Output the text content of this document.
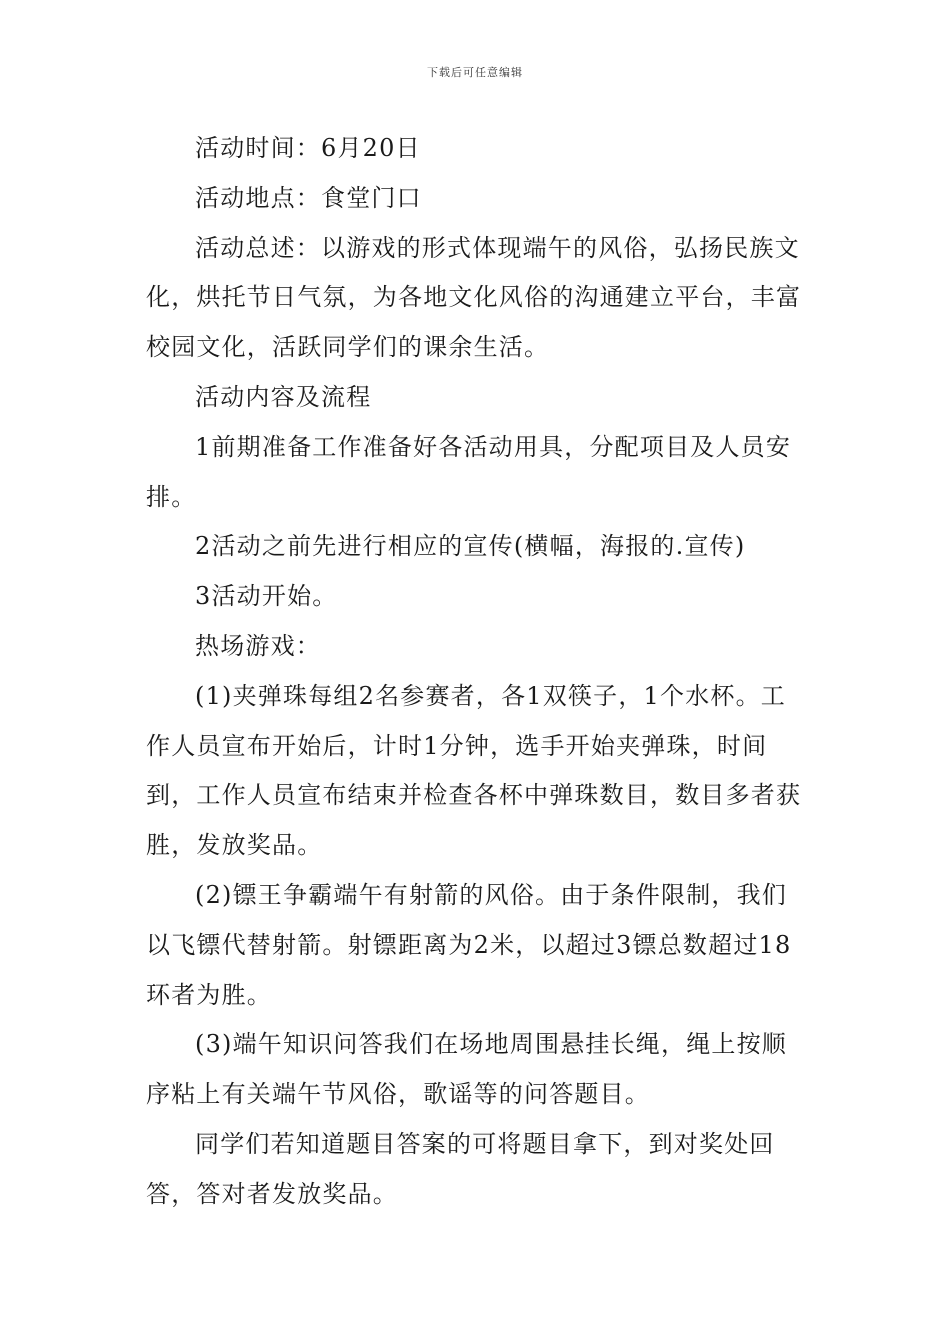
下载后可任意编辑

活动时间：6月20日

活动地点：食堂门口

活动总述：以游戏的形式体现端午的风俗，弘扬民族文化，烘托节日气氛，为各地文化风俗的沟通建立平台，丰富校园文化，活跃同学们的课余生活。

活动内容及流程

1前期准备工作准备好各活动用具，分配项目及人员安排。

2活动之前先进行相应的宣传(横幅，海报的.宣传)

3活动开始。

热场游戏：

(1)夹弹珠每组2名参赛者，各1双筷子，1个水杯。工作人员宣布开始后，计时1分钟，选手开始夹弹珠，时间到，工作人员宣布结束并检查各杯中弹珠数目，数目多者获胜，发放奖品。

(2)镖王争霸端午有射箭的风俗。由于条件限制，我们以飞镖代替射箭。射镖距离为2米，以超过3镖总数超过18环者为胜。

(3)端午知识问答我们在场地周围悬挂长绳，绳上按顺序粘上有关端午节风俗，歌谣等的问答题目。

同学们若知道题目答案的可将题目拿下，到对奖处回答，答对者发放奖品。
